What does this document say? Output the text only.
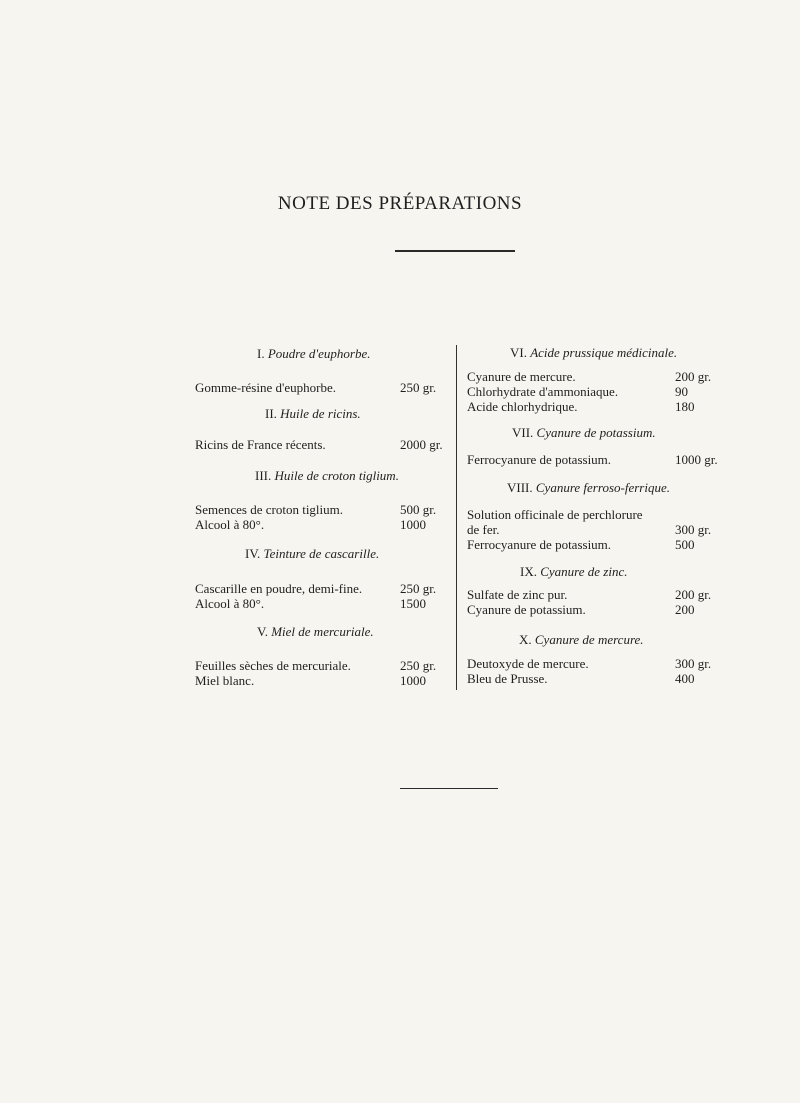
NOTE DES PRÉPARATIONS
I. Poudre d'euphorbe.
Gomme-résine d'euphorbe.	250 gr.
II. Huile de ricins.
Ricins de France récents.	2000 gr.
III. Huile de croton tiglium.
Semences de croton tiglium.	500 gr.
Alcool à 80°.	1000
IV. Teinture de cascarille.
Cascarille en poudre, demi-fine.	250 gr.
Alcool à 80°.	1500
V. Miel de mercuriale.
Feuilles sèches de mercuriale.	250 gr.
Miel blanc.	1000
VI. Acide prussique médicinale.
Cyanure de mercure.	200 gr.
Chlorhydrate d'ammoniaque.	90
Acide chlorhydrique.	180
VII. Cyanure de potassium.
Ferrocyanure de potassium.	1000 gr.
VIII. Cyanure ferroso-ferrique.
Solution officinale de perchlorure
de fer.	300 gr.
Ferrocyanure de potassium.	500
IX. Cyanure de zinc.
Sulfate de zinc pur.	200 gr.
Cyanure de potassium.	200
X. Cyanure de mercure.
Deutoxyde de mercure.	300 gr.
Bleu de Prusse.	400
